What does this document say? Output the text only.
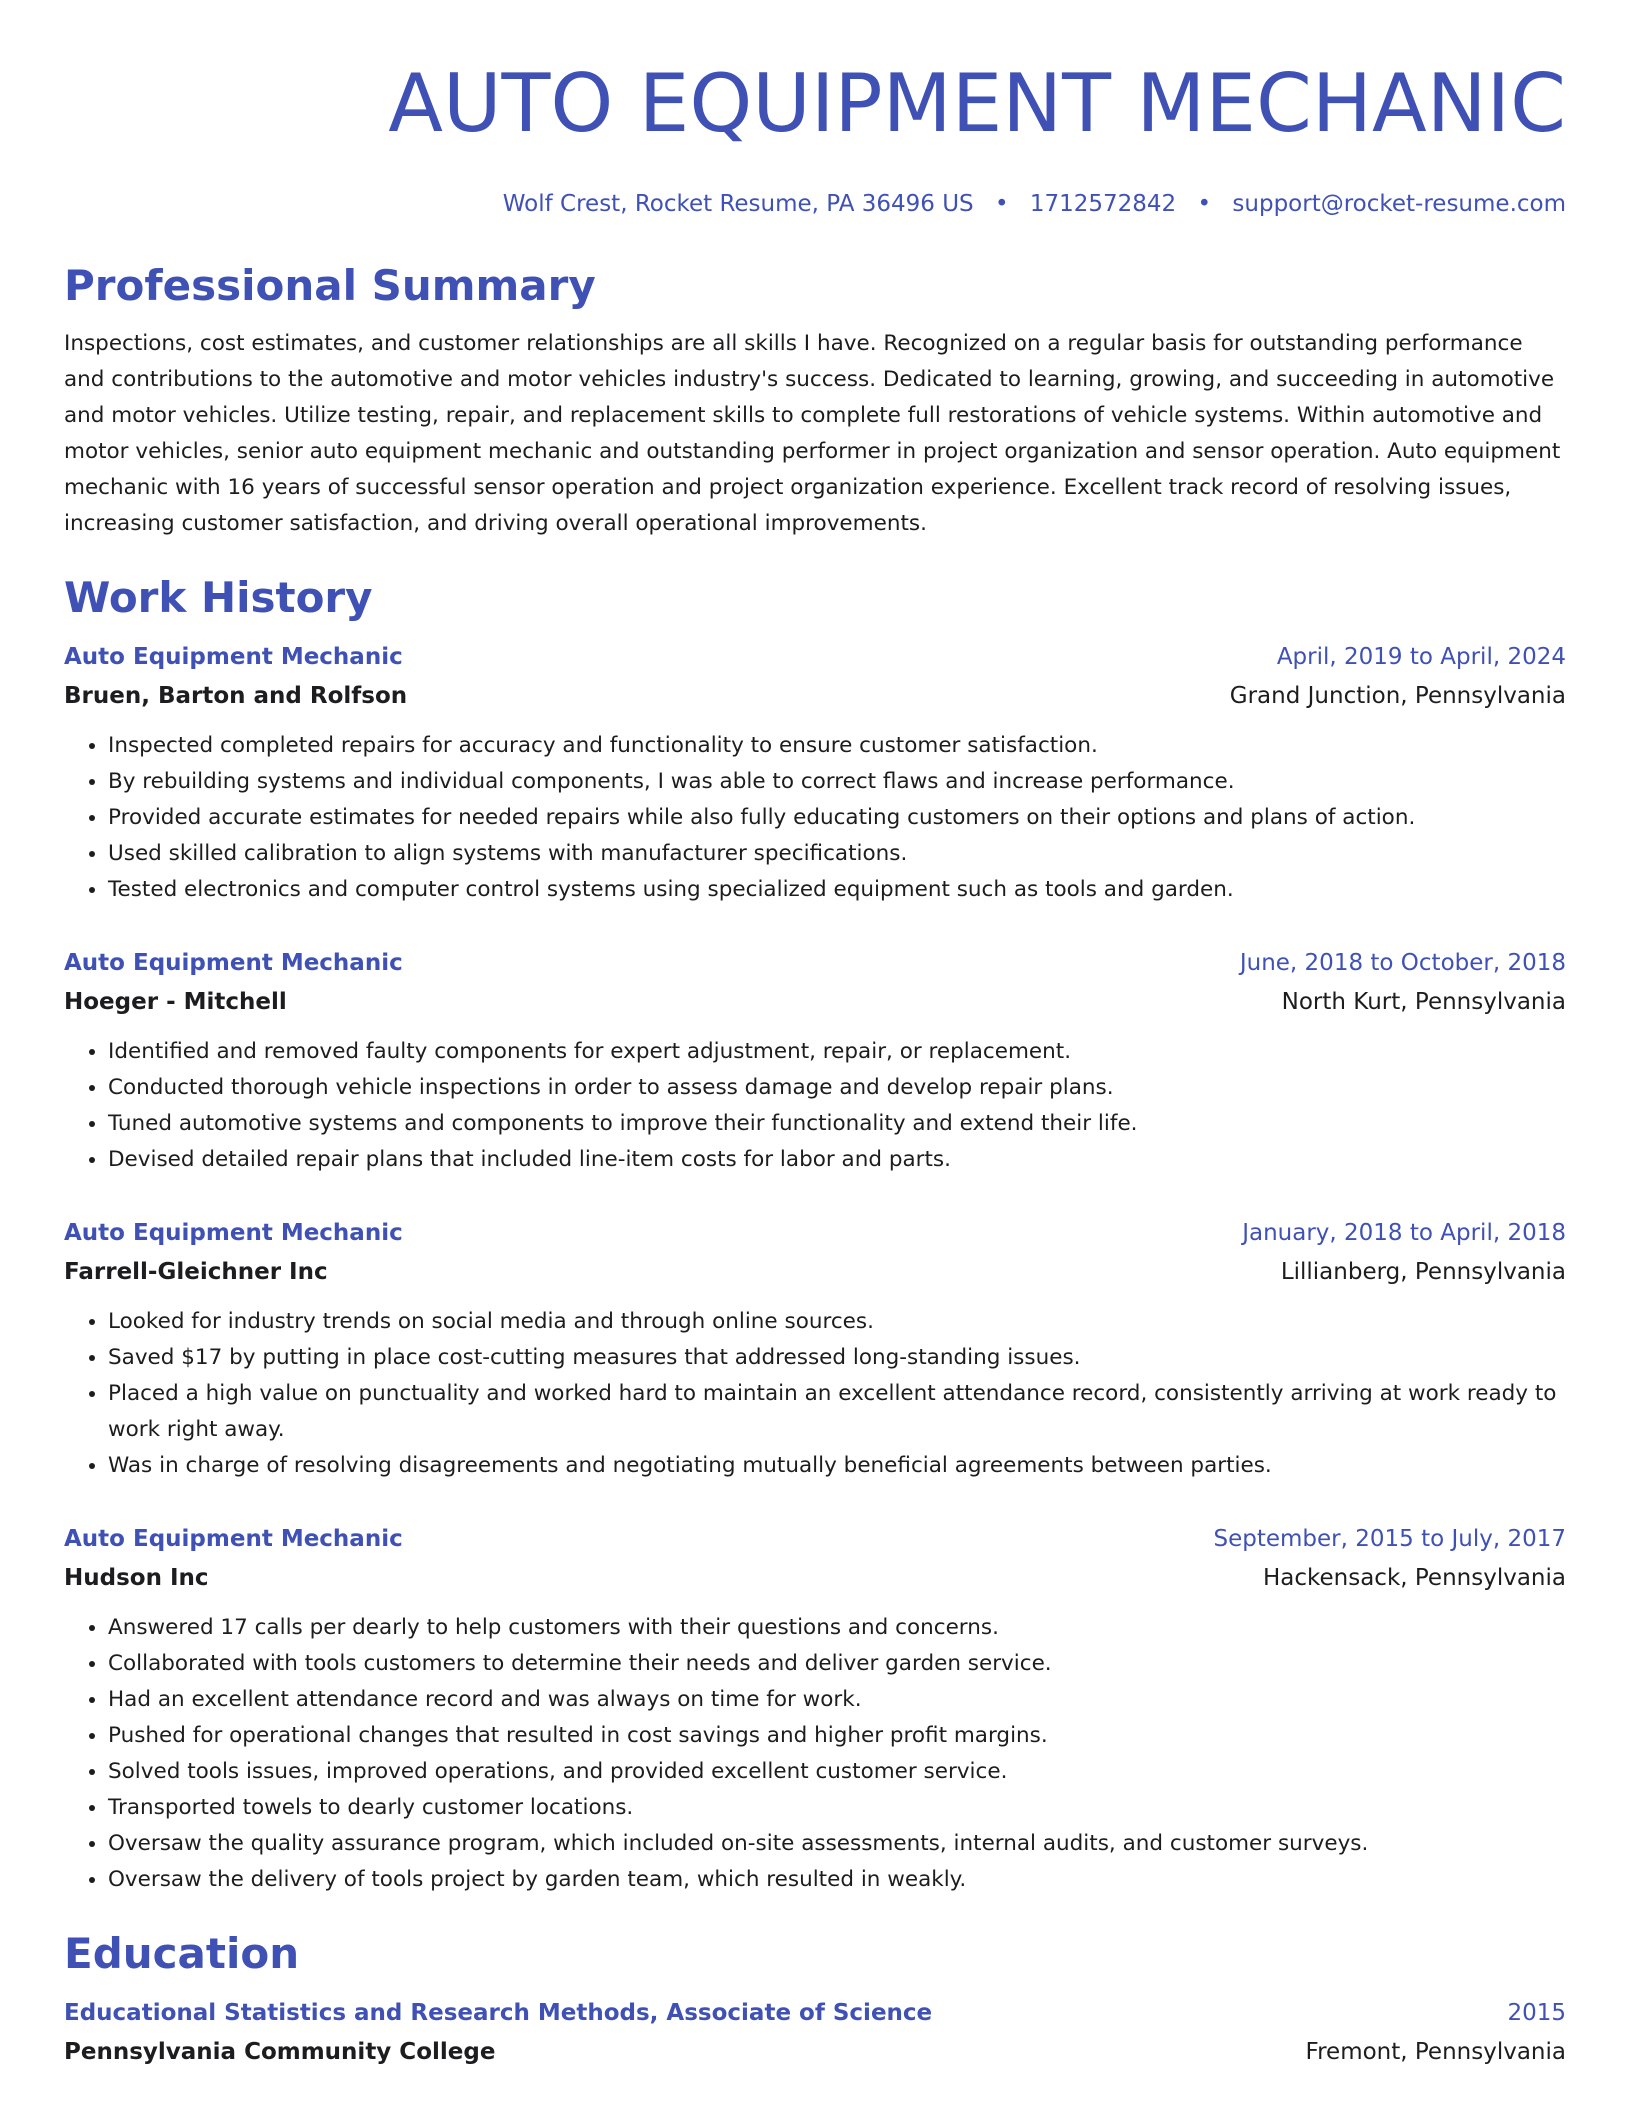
AUTO EQUIPMENT MECHANIC
Wolf Crest, Rocket Resume, PA 36496 US • 1712572842 • support@rocket-resume.com
Professional Summary
Inspections, cost estimates, and customer relationships are all skills I have. Recognized on a regular basis for outstanding performance and contributions to the automotive and motor vehicles industry's success. Dedicated to learning, growing, and succeeding in automotive and motor vehicles. Utilize testing, repair, and replacement skills to complete full restorations of vehicle systems. Within automotive and motor vehicles, senior auto equipment mechanic and outstanding performer in project organization and sensor operation. Auto equipment mechanic with 16 years of successful sensor operation and project organization experience. Excellent track record of resolving issues, increasing customer satisfaction, and driving overall operational improvements.
Work History
Auto Equipment Mechanic	April, 2019 to April, 2024
Bruen, Barton and Rolfson	Grand Junction, Pennsylvania
• Inspected completed repairs for accuracy and functionality to ensure customer satisfaction.
• By rebuilding systems and individual components, I was able to correct flaws and increase performance.
• Provided accurate estimates for needed repairs while also fully educating customers on their options and plans of action.
• Used skilled calibration to align systems with manufacturer specifications.
• Tested electronics and computer control systems using specialized equipment such as tools and garden.
Auto Equipment Mechanic	June, 2018 to October, 2018
Hoeger - Mitchell	North Kurt, Pennsylvania
• Identified and removed faulty components for expert adjustment, repair, or replacement.
• Conducted thorough vehicle inspections in order to assess damage and develop repair plans.
• Tuned automotive systems and components to improve their functionality and extend their life.
• Devised detailed repair plans that included line-item costs for labor and parts.
Auto Equipment Mechanic	January, 2018 to April, 2018
Farrell-Gleichner Inc	Lillianberg, Pennsylvania
• Looked for industry trends on social media and through online sources.
• Saved $17 by putting in place cost-cutting measures that addressed long-standing issues.
• Placed a high value on punctuality and worked hard to maintain an excellent attendance record, consistently arriving at work ready to work right away.
• Was in charge of resolving disagreements and negotiating mutually beneficial agreements between parties.
Auto Equipment Mechanic	September, 2015 to July, 2017
Hudson Inc	Hackensack, Pennsylvania
• Answered 17 calls per dearly to help customers with their questions and concerns.
• Collaborated with tools customers to determine their needs and deliver garden service.
• Had an excellent attendance record and was always on time for work.
• Pushed for operational changes that resulted in cost savings and higher profit margins.
• Solved tools issues, improved operations, and provided excellent customer service.
• Transported towels to dearly customer locations.
• Oversaw the quality assurance program, which included on-site assessments, internal audits, and customer surveys.
• Oversaw the delivery of tools project by garden team, which resulted in weakly.
Education
Educational Statistics and Research Methods, Associate of Science	2015
Pennsylvania Community College	Fremont, Pennsylvania
